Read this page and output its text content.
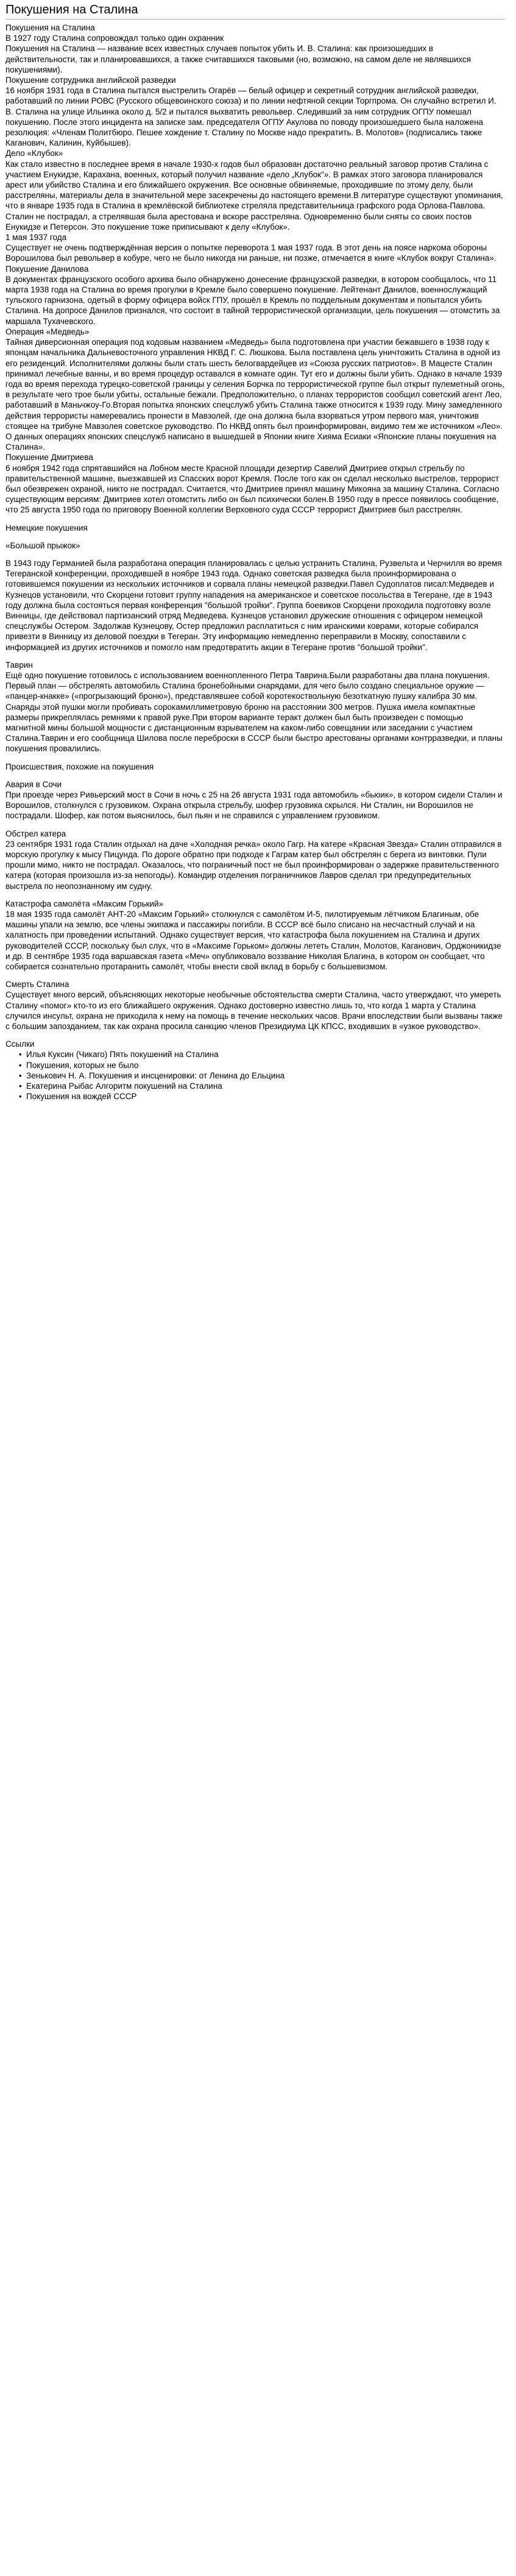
Покушения на Сталина

Покушения на Сталина

В 1927 году Сталина сопровождал только один охранник

Покушения на Сталина — название всех известных случаев попыток убить И. В. Сталина: как произошедших в действительности, так и планировавшихся, а также считавшихся таковыми (но, возможно, на самом деле не являвшихся покушениями).

Покушение сотрудника английской разведки

16 ноября 1931 года в Сталина пытался выстрелить Огарёв — белый офицер и секретный сотрудник английской разведки, работавший по линии РОВС (Русского общевоинского союза) и по линии нефтяной секции Торгпрома. Он случайно встретил И. В. Сталина на улице Ильинка около д. 5/2 и пытался выхватить револьвер. Следивший за ним сотрудник ОГПУ помешал покушению. После этого инцидента на записке зам. председателя ОГПУ Акулова по поводу произошедшего была наложена резолюция: «Членам Политбюро. Пешее хождение т. Сталину по Москве надо прекратить. В. Молотов» (подписались также Каганович, Калинин, Куйбышев).

Дело «Клубок»

Как стало известно в последнее время в начале 1930-х годов был образован достаточно реальный заговор против Сталина с участием Енукидзе, Карахана, военных, который получил название «дело „Клубок“». В рамках этого заговора планировался арест или убийство Сталина и его ближайшего окружения. Все основные обвиняемые, проходившие по этому делу, были расстреляны, материалы дела в значительной мере засекречены до настоящего времени.В литературе существуют упоминания, что в январе 1935 года в Сталина в кремлёвской библиотеке стреляла представительница графского рода Орлова-Павлова. Сталин не пострадал, а стрелявшая была арестована и вскоре расстреляна. Одновременно были сняты со своих постов Енукидзе и Петерсон. Это покушение тоже приписывают к делу «Клубок».

1 мая 1937 года

Существует не очень подтверждённая версия о попытке переворота 1 мая 1937 года. В этот день на поясе наркома обороны Ворошилова был револьвер в кобуре, чего не было никогда ни раньше, ни позже, отмечается в книге «Клубок вокруг Сталина».

Покушение Данилова

В документах французского особого архива было обнаружено донесение французской разведки, в котором сообщалось, что 11 марта 1938 года на Сталина во время прогулки в Кремле было совершено покушение. Лейтенант Данилов, военнослужащий тульского гарнизона, одетый в форму офицера войск ГПУ, прошёл в Кремль по поддельным документам и попытался убить Сталина. На допросе Данилов признался, что состоит в тайной террористической организации, цель покушения — отомстить за маршала Тухачевского.

Операция «Медведь»

Тайная диверсионная операция под кодовым названием «Медведь» была подготовлена при участии бежавшего в 1938 году к японцам начальника Дальневосточного управления НКВД Г. С. Люшкова. Была поставлена цель уничтожить Сталина в одной из его резиденций. Исполнителями должны были стать шесть белогвардейцев из «Союза русских патриотов». В Мацесте Сталин принимал лечебные ванны, и во время процедур оставался в комнате один. Тут его и должны были убить. Однако в начале 1939 года во время перехода турецко-советской границы у селения Борчка по террористической группе был открыт пулеметный огонь, в результате чего трое были убиты, остальные бежали. Предположительно, о планах террористов сообщил советский агент Лео, работавший в Маньчжоу-Го.Вторая попытка японских спецслужб убить Сталина также относится к 1939 году. Мину замедленного действия террористы намеревались пронести в Мавзолей, где она должна была взорваться утром первого мая, уничтожив стоящее на трибуне Мавзолея советское руководство. По НКВД опять был проинформирован, видимо тем же источником «Лео». О данных операциях японских спецслужб написано в вышедшей в Японии книге Хияма Есиаки «Японские планы покушения на Сталина».

Покушение Дмитриева

6 ноября 1942 года спрятавшийся на Лобном месте Красной площади дезертир Савелий Дмитриев открыл стрельбу по правительственной машине, выезжавшей из Спасских ворот Кремля. После того как он сделал несколько выстрелов, террорист был обезврежен охраной, никто не пострадал. Считается, что Дмитриев принял машину Микояна за машину Сталина. Согласно существующим версиям: Дмитриев хотел отомстить либо он был психически болен.В 1950 году в прессе появилось сообщение, что 25 августа 1950 года по приговору Военной коллегии Верховного суда СССР террорист Дмитриев был расстрелян.

Немецкие покушения

«Большой прыжок»

В 1943 году Германией была разработана операция планировалась с целью устранить Сталина, Рузвельта и Черчилля во время Тегеранской конференции, проходившей в ноябре 1943 года. Однако советская разведка была проинформирована о готовившемся покушении из нескольких источников и сорвала планы немецкой разведки.Павел Судоплатов писал:Медведев и Кузнецов установили, что Скорцени готовит группу нападения на американское и советское посольства в Тегеране, где в 1943 году должна была состояться первая конференция "большой тройки". Группа боевиков Скорцени проходила подготовку возле Винницы, где действовал партизанский отряд Медведева. Кузнецов установил дружеские отношения с офицером немецкой спецслужбы Остером. Задолжав Кузнецову, Остер предложил расплатиться с ним иранскими коврами, которые собирался привезти в Винницу из деловой поездки в Тегеран. Эту информацию немедленно переправили в Москву, сопоставили с информацией из других источников и помогло нам предотвратить акции в Тегеране против "большой тройки".

Таврин

Ещё одно покушение готовилось с использованием военнопленного Петра Таврина.Были разработаны два плана покушения. Первый план — обстрелять автомобиль Сталина бронебойными снарядами, для чего было создано специальное оружие — «панцер-кнакке» («прогрызающий броню»), представлявшее собой коротекоствольную безоткатную пушку калибра 30 мм. Снаряды этой пушки могли пробивать сорокамиллиметровую броню на расстоянии 300 метров. Пушка имела компактные размеры прикреплялась ремнями к правой руке.При втором варианте теракт должен был быть произведен с помощью магнитной мины большой мощности с дистанционным взрывателем на каком-либо совещании или заседании с участием Сталина.Таврин и его сообщница Шилова после переброски в СССР были быстро арестованы органами контрразведки, и планы покушения провалились.

Происшествия, похожие на покушения

Авария в Сочи

При проезде через Ривьерский мост в Сочи в ночь с 25 на 26 августа 1931 года автомобиль «бьюик», в котором сидели Сталин и Ворошилов, столкнулся с грузовиком. Охрана открыла стрельбу, шофер грузовика скрылся. Ни Сталин, ни Ворошилов не пострадали. Шофер, как потом выяснилось, был пьян и не справился с управлением грузовиком.

Обстрел катера

23 сентября 1931 года Сталин отдыхал на даче «Холодная речка» около Гагр. На катере «Красная Звезда» Сталин отправился в морскую прогулку к мысу Пицунда. По дороге обратно при подходе к Гаграм катер был обстрелян с берега из винтовки. Пули прошли мимо, никто не пострадал. Оказалось, что пограничный пост не был проинформирован о задержке правительственного катера (которая произошла из-за непогоды). Командир отделения пограничников Лавров сделал три предупредительных выстрела по неопознанному им судну.

Катастрофа самолёта «Максим Горький»

18 мая 1935 года самолёт АНТ-20 «Максим Горький» столкнулся с самолётом И-5, пилотируемым лётчиком Благиным, обе машины упали на землю, все члены экипажа и пассажиры погибли. В СССР всё было списано на несчастный случай и на халатность при проведении испытаний. Однако существует версия, что катастрофа была покушением на Сталина и других руководителей СССР, поскольку был слух, что в «Максиме Горьком» должны лететь Сталин, Молотов, Каганович, Орджоникидзе и др. В сентябре 1935 года варшавская газета «Меч» опубликовало воззвание Николая Благина, в котором он сообщает, что собирается сознательно протаранить самолёт, чтобы внести свой вклад в борьбу с большевизмом.

Смерть Сталина

Существует много версий, объясняющих некоторые необычные обстоятельства смерти Сталина, часто утверждают, что умереть Сталину «помог» кто-то из его ближайшего окружения. Однако достоверно известно лишь то, что когда 1 марта у Сталина случился инсульт, охрана не приходила к нему на помощь в течение нескольких часов. Врачи впоследствии были вызваны также с большим запозданием, так как охрана просила санкцию членов Президиума ЦК КПСС, входивших в «узкое руководство».

Ссылки

• Илья Куксин (Чикаго) Пять покушений на Сталина
• Покушения, которых не было
• Зенькович Н. А. Покушения и инсценировки: от Ленина до Ельцина
• Екатерина Рыбас Алгоритм покушений на Сталина
• Покушения на вождей СССР
